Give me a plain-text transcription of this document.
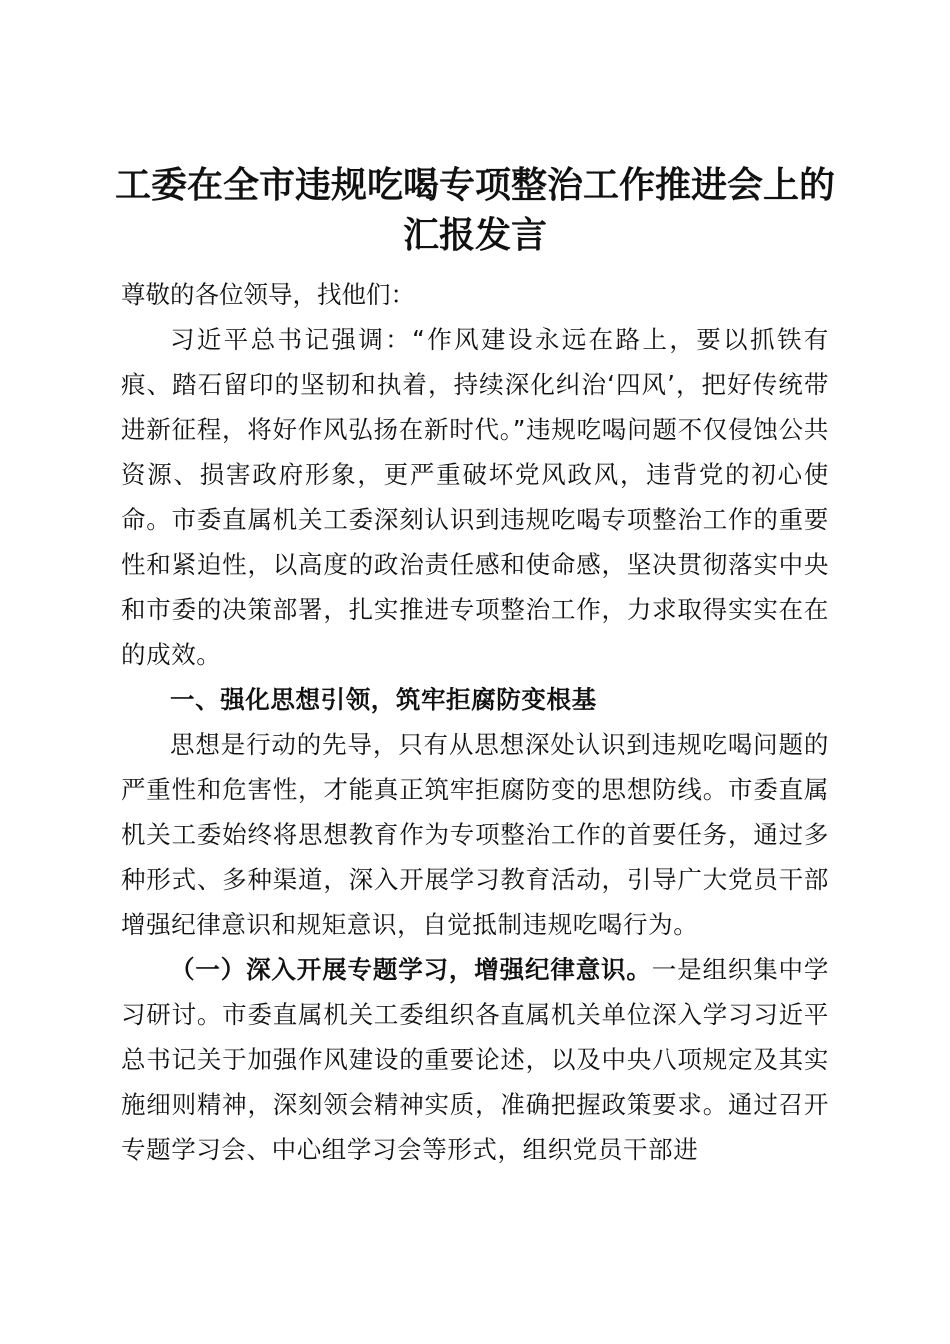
工委在全市违规吃喝专项整治工作推进会上的
汇报发言

尊敬的各位领导，找他们：

习近平总书记强调：“作风建设永远在路上，要以抓铁有痕、踏石留印的坚韧和执着，持续深化纠治‘四风’，把好传统带进新征程，将好作风弘扬在新时代。”违规吃喝问题不仅侵蚀公共资源、损害政府形象，更严重破坏党风政风，违背党的初心使命。市委直属机关工委深刻认识到违规吃喝专项整治工作的重要性和紧迫性，以高度的政治责任感和使命感，坚决贯彻落实中央和市委的决策部署，扎实推进专项整治工作，力求取得实实在在的成效。

一、强化思想引领，筑牢拒腐防变根基

思想是行动的先导，只有从思想深处认识到违规吃喝问题的严重性和危害性，才能真正筑牢拒腐防变的思想防线。市委直属机关工委始终将思想教育作为专项整治工作的首要任务，通过多种形式、多种渠道，深入开展学习教育活动，引导广大党员干部增强纪律意识和规矩意识，自觉抵制违规吃喝行为。

（一）深入开展专题学习，增强纪律意识。一是组织集中学习研讨。市委直属机关工委组织各直属机关单位深入学习习近平总书记关于加强作风建设的重要论述，以及中央八项规定及其实施细则精神，深刻领会精神实质，准确把握政策要求。通过召开专题学习会、中心组学习会等形式，组织党员干部进
